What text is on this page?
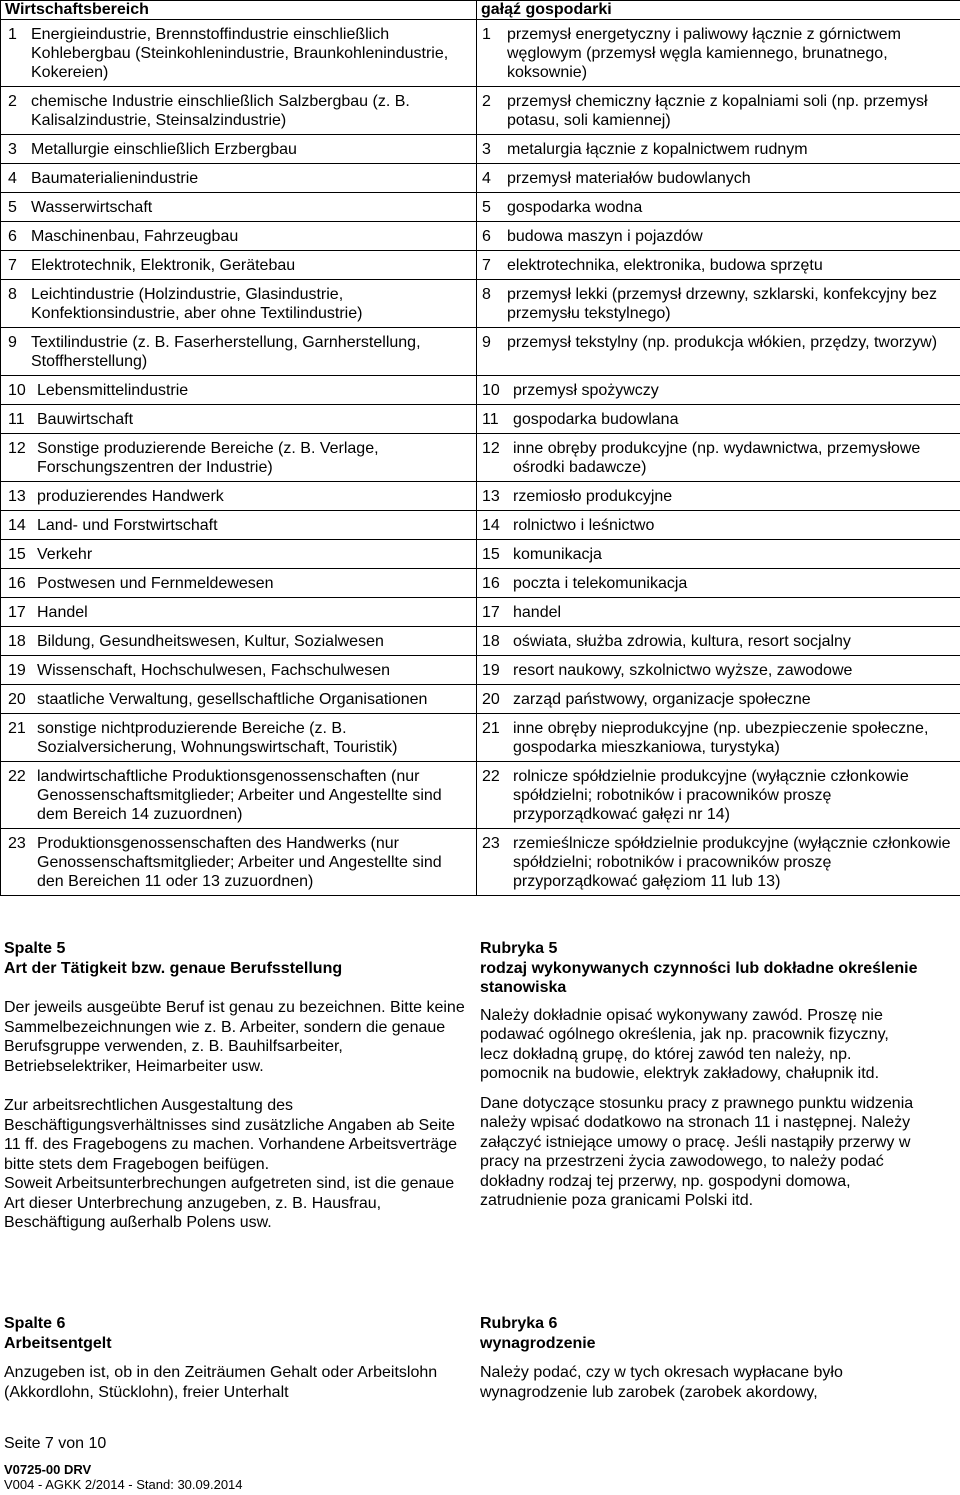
Wirtschaftsbereich	gałąź gospodarki

1 Energieindustrie, Brennstoffindustrie einschließlich Kohlebergbau (Steinkohlenindustrie, Braunkohlenindustrie, Kokereien)	1 przemysł energetyczny i paliwowy łącznie z górnictwem węglowym (przemysł węgla kamiennego, brunatnego, koksownie)

2 chemische Industrie einschließlich Salzbergbau (z. B. Kalisalzindustrie, Steinsalzindustrie)	2 przemysł chemiczny łącznie z kopalniami soli (np. przemysł potasu, soli kamiennej)

3 Metallurgie einschließlich Erzbergbau	3 metalurgia łącznie z kopalnictwem rudnym

4 Baumaterialienindustrie	4 przemysł materiałów budowlanych

5 Wasserwirtschaft	5 gospodarka wodna

6 Maschinenbau, Fahrzeugbau	6 budowa maszyn i pojazdów

7 Elektrotechnik, Elektronik, Gerätebau	7 elektrotechnika, elektronika, budowa sprzętu

8 Leichtindustrie (Holzindustrie, Glasindustrie, Konfektionsindustrie, aber ohne Textilindustrie)	8 przemysł lekki (przemysł drzewny, szklarski, konfekcyjny bez przemysłu tekstylnego)

9 Textilindustrie (z. B. Faserherstellung, Garnherstellung, Stoffherstellung)	9 przemysł tekstylny (np. produkcja włókien, przędzy, tworzyw)

10 Lebensmittelindustrie	10 przemysł spożywczy

11 Bauwirtschaft	11 gospodarka budowlana

12 Sonstige produzierende Bereiche (z. B. Verlage, Forschungszentren der Industrie)	12 inne obręby produkcyjne (np. wydawnictwa, przemysłowe ośrodki badawcze)

13 produzierendes Handwerk	13 rzemiosło produkcyjne

14 Land- und Forstwirtschaft	14 rolnictwo i leśnictwo

15 Verkehr	15 komunikacja

16 Postwesen und Fernmeldewesen	16 poczta i telekomunikacja

17 Handel	17 handel

18 Bildung, Gesundheitswesen, Kultur, Sozialwesen	18 oświata, służba zdrowia, kultura, resort socjalny

19 Wissenschaft, Hochschulwesen, Fachschulwesen	19 resort naukowy, szkolnictwo wyższe, zawodowe

20 staatliche Verwaltung, gesellschaftliche Organisationen	20 zarząd państwowy, organizacje społeczne

21 sonstige nichtproduzierende Bereiche (z. B. Sozialversicherung, Wohnungswirtschaft, Touristik)	21 inne obręby nieprodukcyjne (np. ubezpieczenie społeczne, gospodarka mieszkaniowa, turystyka)

22 landwirtschaftliche Produktionsgenossenschaften (nur Genossenschaftsmitglieder; Arbeiter und Angestellte sind dem Bereich 14 zuzuordnen)	22 rolnicze spółdzielnie produkcyjne (wyłącznie członkowie spółdzielni; robotników i pracowników proszę przyporządkować gałęzi nr 14)

23 Produktionsgenossenschaften des Handwerks (nur Genossenschaftsmitglieder; Arbeiter und Angestellte sind den Bereichen 11 oder 13 zuzuordnen)	23 rzemieślnicze spółdzielnie produkcyjne (wyłącznie członkowie spółdzielni; robotników i pracowników proszę przyporządkować gałęziom 11 lub 13)

Spalte 5

Art der Tätigkeit bzw. genaue Berufsstellung

Der jeweils ausgeübte Beruf ist genau zu bezeichnen. Bitte keine Sammelbezeichnungen wie z. B. Arbeiter, sondern die genaue Berufsgruppe verwenden, z. B. Bauhilfsarbeiter, Betriebselektriker, Heimarbeiter usw.

Zur arbeitsrechtlichen Ausgestaltung des Beschäftigungsverhältnisses sind zusätzliche Angaben ab Seite 11 ff. des Fragebogens zu machen. Vorhandene Arbeitsverträge bitte stets dem Fragebogen beifügen.

Soweit Arbeitsunterbrechungen aufgetreten sind, ist die genaue Art dieser Unterbrechung anzugeben, z. B. Hausfrau, Beschäftigung außerhalb Polens usw.

Rubryka 5

rodzaj wykonywanych czynności lub dokładne określenie stanowiska

Należy dokładnie opisać wykonywany zawód. Proszę nie podawać ogólnego określenia, jak np. pracownik fizyczny, lecz dokładną grupę, do której zawód ten należy, np. pomocnik na budowie, elektryk zakładowy, chałupnik itd.

Dane dotyczące stosunku pracy z prawnego punktu widzenia należy wpisać dodatkowo na stronach 11 i następnej. Należy załączyć istniejące umowy o pracę. Jeśli nastąpiły przerwy w pracy na przestrzeni życia zawodowego, to należy podać dokładny rodzaj tej przerwy, np. gospodyni domowa, zatrudnienie poza granicami Polski itd.

Spalte 6

Arbeitsentgelt

Anzugeben ist, ob in den Zeiträumen Gehalt oder Arbeitslohn (Akkordlohn, Stücklohn), freier Unterhalt

Rubryka 6

wynagrodzenie

Należy podać, czy w tych okresach wypłacane było wynagrodzenie lub zarobek (zarobek akordowy,

Seite 7 von 10
V0725-00 DRV
V004 - AGKK 2/2014 - Stand: 30.09.2014
